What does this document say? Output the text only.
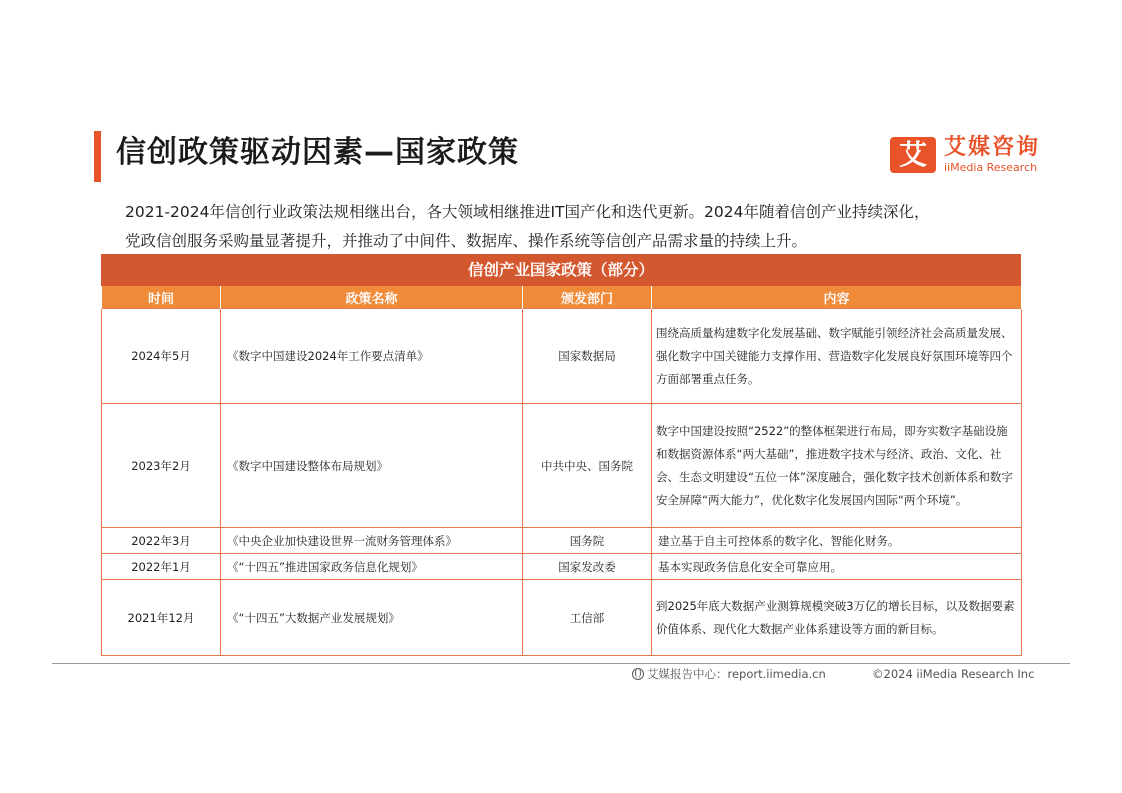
信创政策驱动因素—国家政策	艾 艾媒咨询
iiMedia Research

2021-2024年信创行业政策法规相继出台，各大领域相继推进IT国产化和迭代更新。2024年随着信创产业持续深化，

党政信创服务采购量显著提升，并推动了中间件、数据库、操作系统等信创产品需求量的持续上升。

信创产业国家政策（部分）
时间	政策名称	颁发部门	内容
2024年5月	《数字中国建设2024年工作要点清单》	国家数据局	围绕高质量构建数字化发展基础、数字赋能引领经济社会高质量发展、强化数字中国关键能力支撑作用、营造数字化发展良好氛围环境等四个方面部署重点任务。
2023年2月	《数字中国建设整体布局规划》	中共中央、国务院	数字中国建设按照“2522”的整体框架进行布局，即夯实数字基础设施和数据资源体系“两大基础”，推进数字技术与经济、政治、文化、社会、生态文明建设“五位一体”深度融合，强化数字技术创新体系和数字安全屏障“两大能力”，优化数字化发展国内国际“两个环境”。
2022年3月	《中央企业加快建设世界一流财务管理体系》	国务院	建立基于自主可控体系的数字化、智能化财务。
2022年1月	《“十四五”推进国家政务信息化规划》	国家发改委	基本实现政务信息化安全可靠应用。
2021年12月	《“十四五”大数据产业发展规划》	工信部	到2025年底大数据产业测算规模突破3万亿的增长目标，以及数据要素价值体系、现代化大数据产业体系建设等方面的新目标。
艾媒报告中心：report.iimedia.cn	©2024 iiMedia Research Inc
